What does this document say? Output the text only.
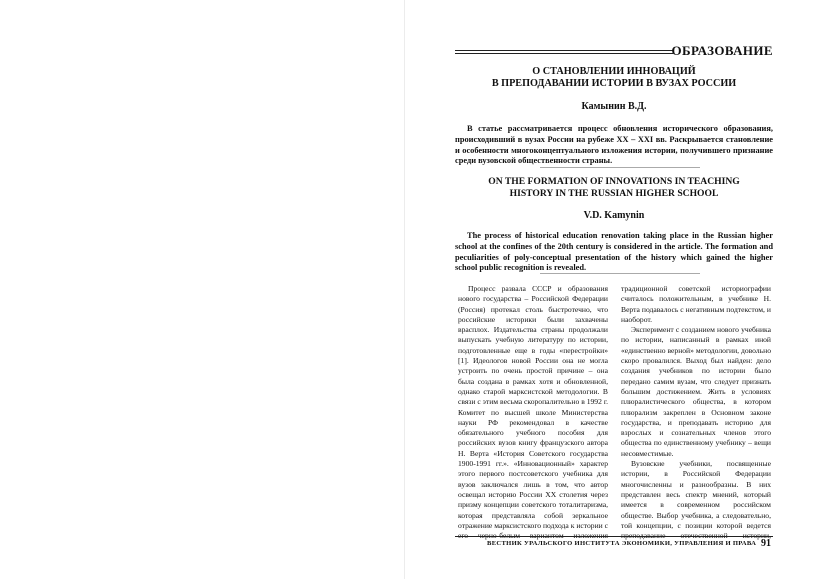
ОБРАЗОВАНИЕ
О СТАНОВЛЕНИИ ИННОВАЦИЙ
В ПРЕПОДАВАНИИ ИСТОРИИ В ВУЗАХ РОССИИ
Камынин В.Д.

В статье рассматривается процесс обновления исторического образования, происходивший в вузах России на рубеже ХХ – ХХI вв. Раскрывается становление и особенности многоконцептуального изложения истории, получившего признание среди вузовской общественности страны.

ON THE FORMATION OF INNOVATIONS IN TEACHING
HISTORY IN THE RUSSIAN HIGHER SCHOOL
V.D. Kamynin

The process of historical education renovation taking place in the Russian higher school at the confines of the 20th century is considered in the article. The formation and peculiarities of poly-conceptual presentation of the history which gained the higher school public recognition is revealed.

Процесс развала СССР и образования нового государства – Российской Федерации (Россия) протекал столь быстротечно, что российские историки были захвачены врасплох. Издательства страны продолжали выпускать учебную литературу по истории, подготовленные еще в годы «перестройки» [1]. Идеологов новой России она не могла устроить по очень простой причине – она была создана в рамках хотя и обновленной, однако старой марксистской методологии. В связи с этим весьма скоропалительно в 1992 г. Комитет по высшей школе Министерства науки РФ рекомендовал в качестве обязательного учебного пособия для российских вузов книгу французского автора Н. Верта «История Советского государства 1900-1991 гг.». «Инновационный» характер этого первого постсоветского учебника для вузов заключался лишь в том, что автор освещал историю России ХХ столетия через призму концепции советского тоталитаризма, которая представляла собой зеркальное отражение марксистского подхода к истории с его черно-белым вариантом изложения

традиционной советской историографии считалось положительным, в учебнике Н. Верта подавалось с негативным подтекстом, и наоборот.

Эксперимент с созданием нового учебника по истории, написанный в рамках иной «единственно верной» методологии, довольно скоро провалился. Выход был найден: дело создания учебников по истории было передано самим вузам, что следует признать большим достижением. Жить в условиях плюралистического общества, в котором плюрализм закреплен в Основном законе государства, и преподавать историю для взрослых и сознательных членов этого общества по единственному учебнику – вещи несовместимые.

Вузовские учебники, посвященные истории, в Российской Федерации многочисленны и разнообразны. В них представлен весь спектр мнений, который имеется в современном российском обществе. Выбор учебника, а следовательно, той концепции, с позиции которой ведется преподавание отечественной истории,

ВЕСТНИК УРАЛЬСКОГО ИНСТИТУТА ЭКОНОМИКИ, УПРАВЛЕНИЯ И ПРАВА 91
